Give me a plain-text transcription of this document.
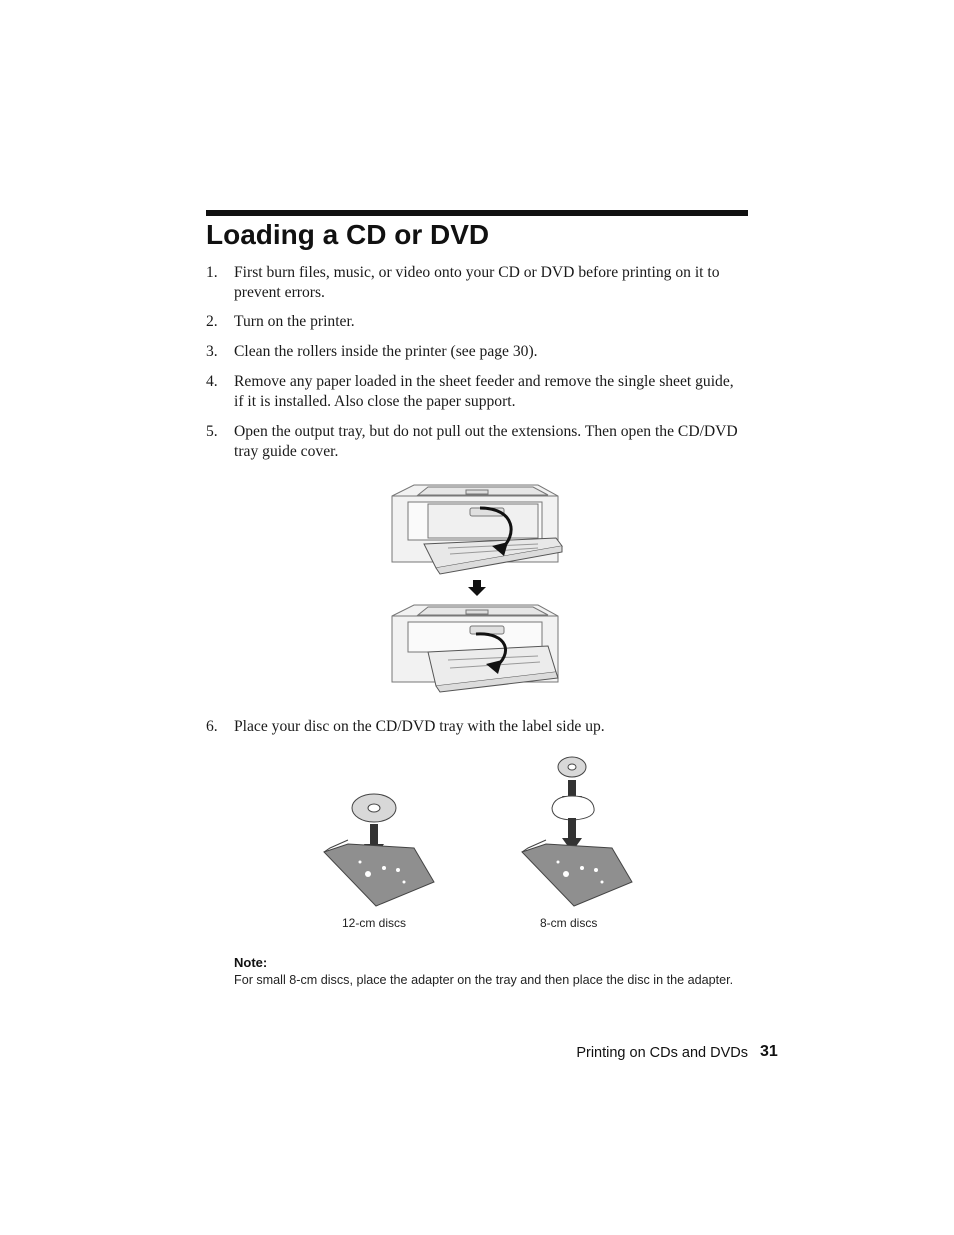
Loading a CD or DVD
1. First burn files, music, or video onto your CD or DVD before printing on it to prevent errors.
2. Turn on the printer.
3. Clean the rollers inside the printer (see page 30).
4. Remove any paper loaded in the sheet feeder and remove the single sheet guide, if it is installed. Also close the paper support.
5. Open the output tray, but do not pull out the extensions. Then open the CD/DVD tray guide cover.
6. Place your disc on the CD/DVD tray with the label side up.
12-cm discs	8-cm discs
Note:
For small 8-cm discs, place the adapter on the tray and then place the disc in the adapter.
Printing on CDs and DVDs 31
